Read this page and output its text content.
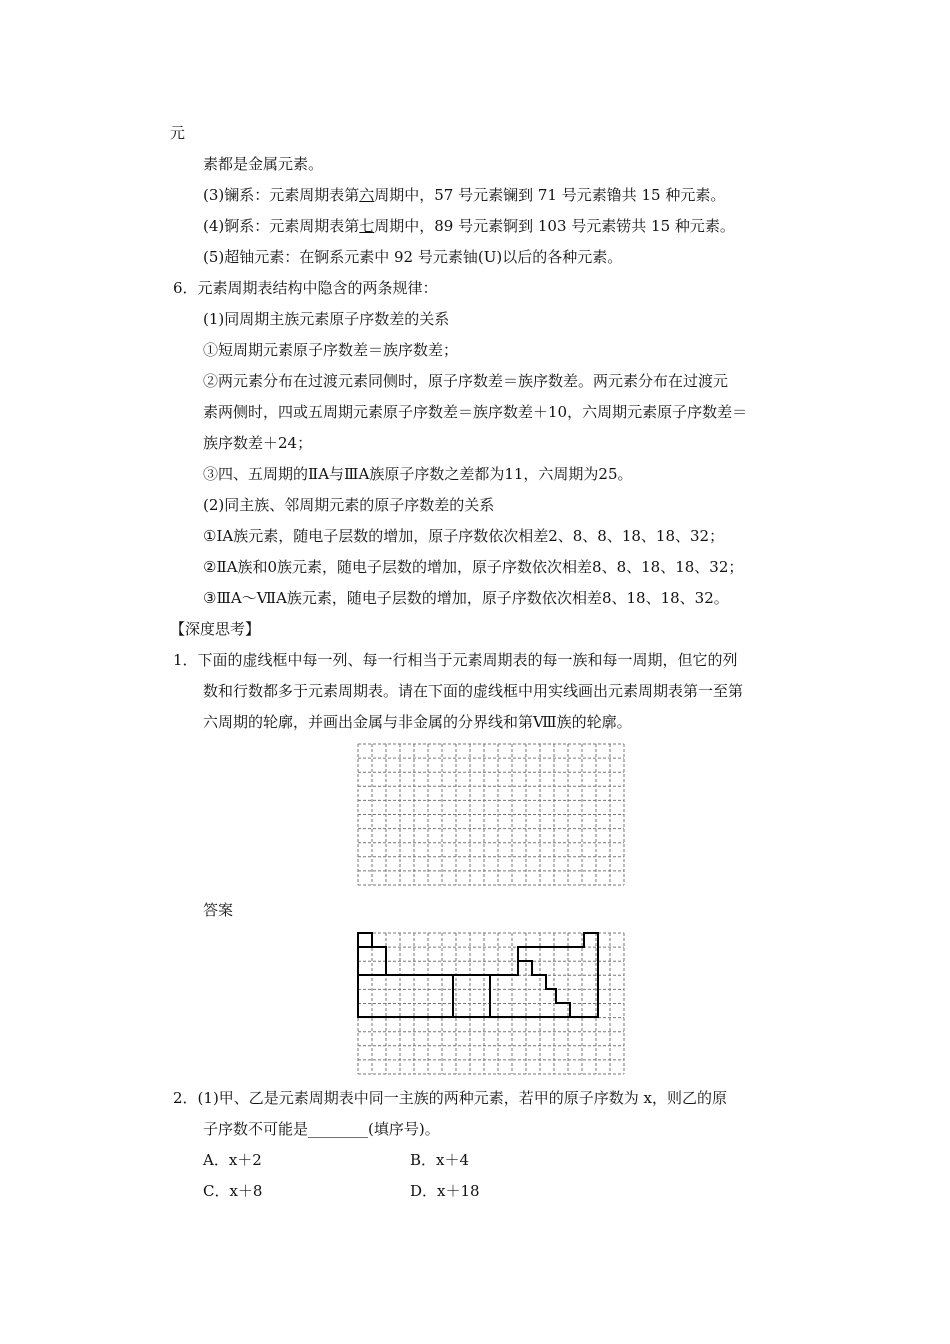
元
素都是金属元素。
(3)镧系：元素周期表第六周期中，57 号元素镧到 71 号元素镥共 15 种元素。
(4)锕系：元素周期表第七周期中，89 号元素锕到 103 号元素铹共 15 种元素。
(5)超铀元素：在锕系元素中 92 号元素铀(U)以后的各种元素。
6．元素周期表结构中隐含的两条规律：
(1)同周期主族元素原子序数差的关系
①短周期元素原子序数差＝族序数差；
②两元素分布在过渡元素同侧时，原子序数差＝族序数差。两元素分布在过渡元
素两侧时，四或五周期元素原子序数差＝族序数差＋10，六周期元素原子序数差＝
族序数差＋24；
③四、五周期的ⅡA与ⅢA族原子序数之差都为11，六周期为25。
(2)同主族、邻周期元素的原子序数差的关系
①ⅠA族元素，随电子层数的增加，原子序数依次相差2、8、8、18、18、32；
②ⅡA族和0族元素，随电子层数的增加，原子序数依次相差8、8、18、18、32；
③ⅢA～ⅦA族元素，随电子层数的增加，原子序数依次相差8、18、18、32。
【深度思考】
1．下面的虚线框中每一列、每一行相当于元素周期表的每一族和每一周期，但它的列
数和行数都多于元素周期表。请在下面的虚线框中用实线画出元素周期表第一至第
六周期的轮廓，并画出金属与非金属的分界线和第Ⅷ族的轮廓。
答案
2．(1)甲、乙是元素周期表中同一主族的两种元素，若甲的原子序数为 x，则乙的原
子序数不可能是________(填序号)。
A．x＋2	B．x＋4
C．x＋8	D．x＋18
